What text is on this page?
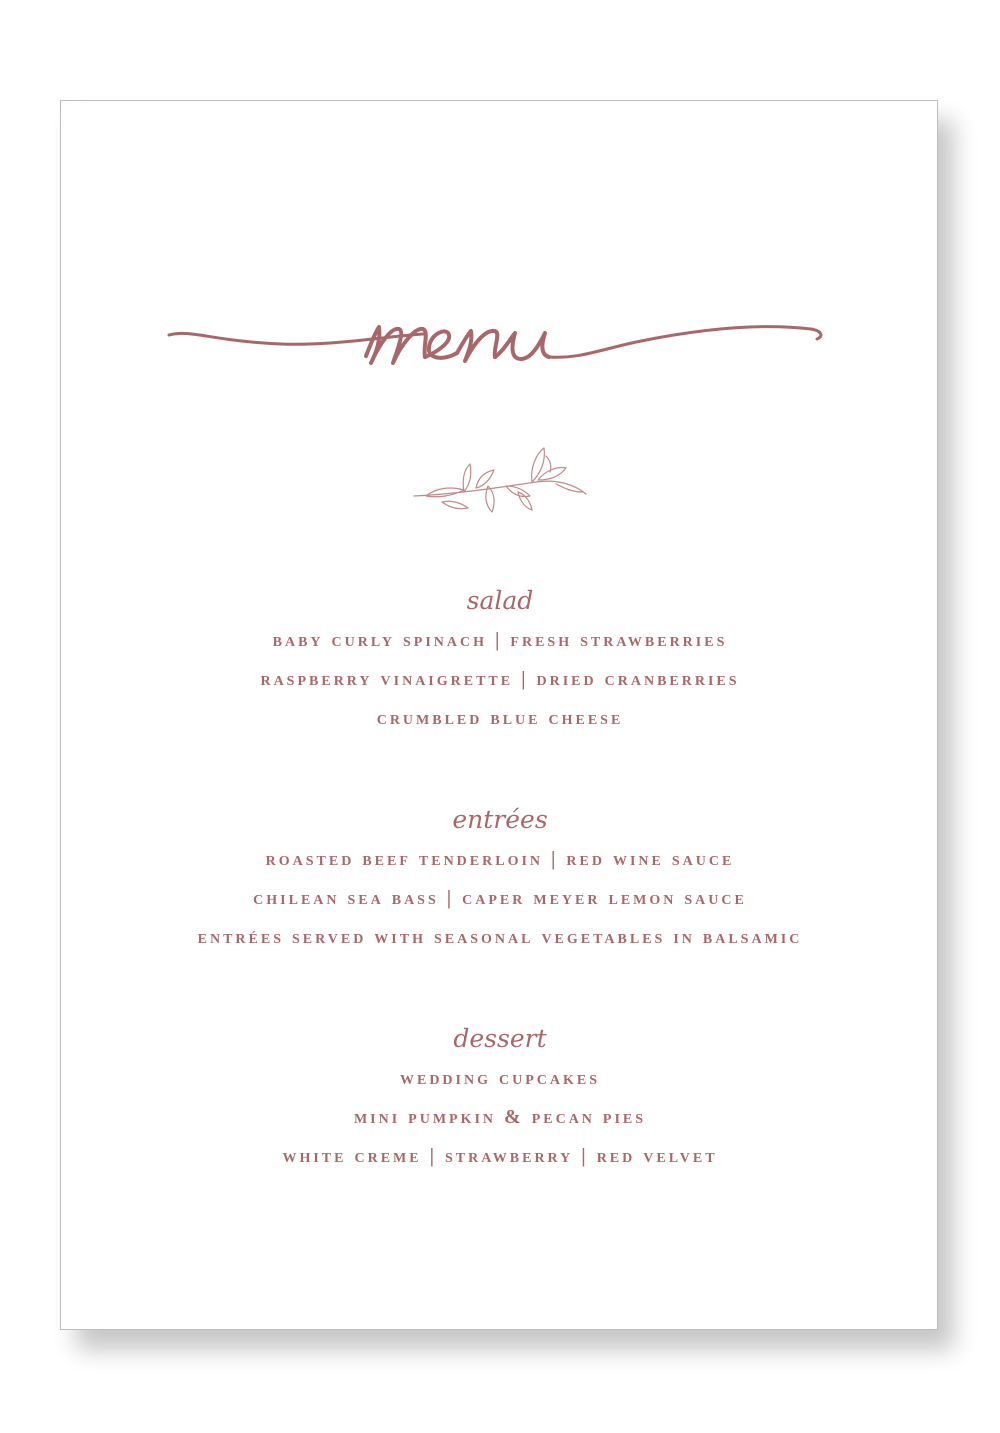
salad
baby curly spinach | fresh strawberries
raspberry vinaigrette | dried cranberries
crumbled blue cheese
entrées
roasted beef tenderloin | red wine sauce
chilean sea bass | caper meyer lemon sauce
entrées served with seasonal vegetables in balsamic
dessert
wedding cupcakes
mini pumpkin & pecan pies
white creme | strawberry | red velvet
